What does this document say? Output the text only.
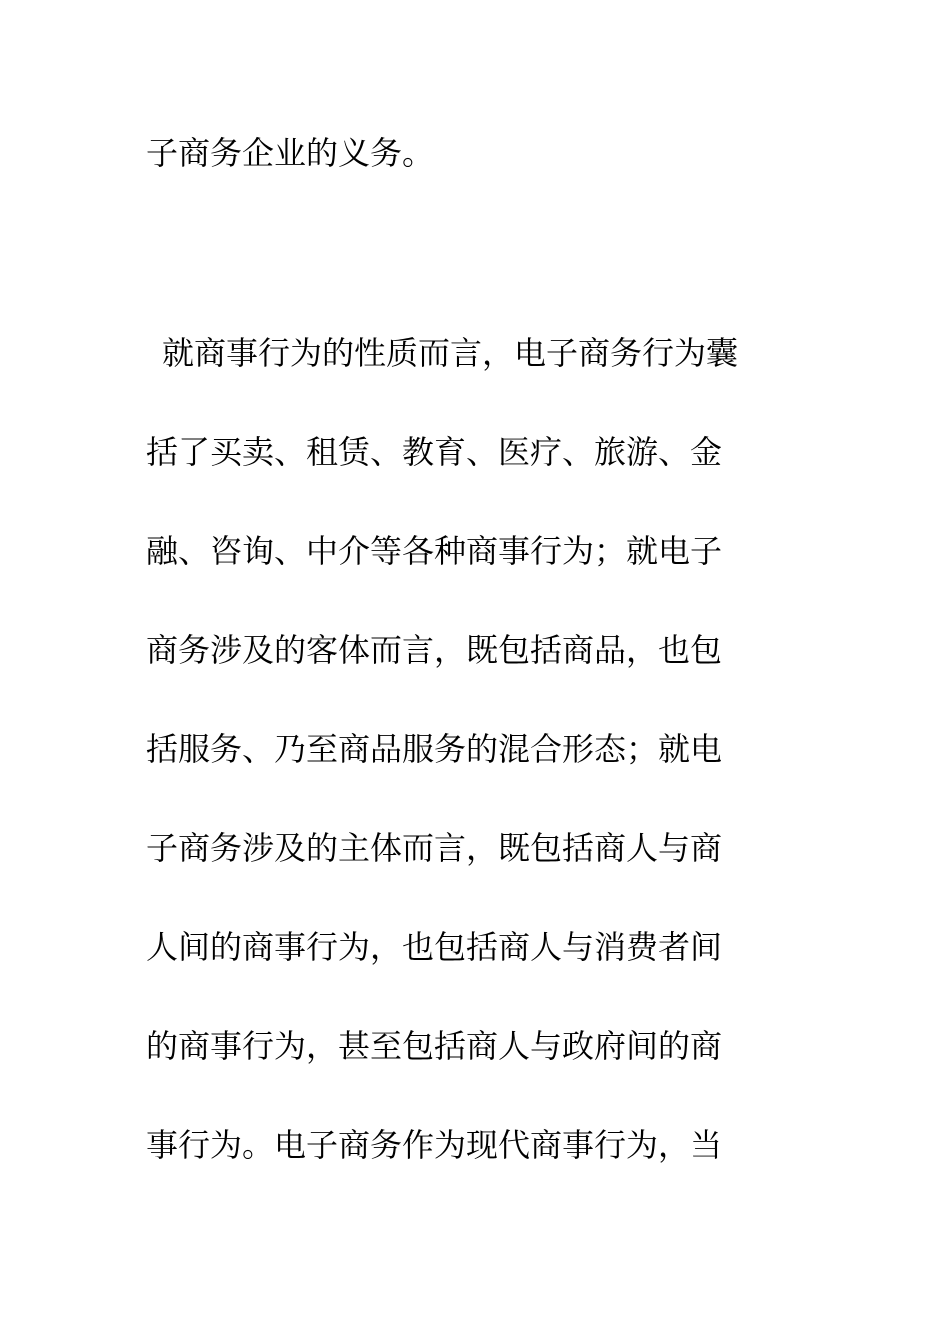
子商务企业的义务。
就商事行为的性质而言，电子商务行为囊
括了买卖、租赁、教育、医疗、旅游、金
融、咨询、中介等各种商事行为；就电子
商务涉及的客体而言，既包括商品，也包
括服务、乃至商品服务的混合形态；就电
子商务涉及的主体而言，既包括商人与商
人间的商事行为，也包括商人与消费者间
的商事行为，甚至包括商人与政府间的商
事行为。电子商务作为现代商事行为，当
